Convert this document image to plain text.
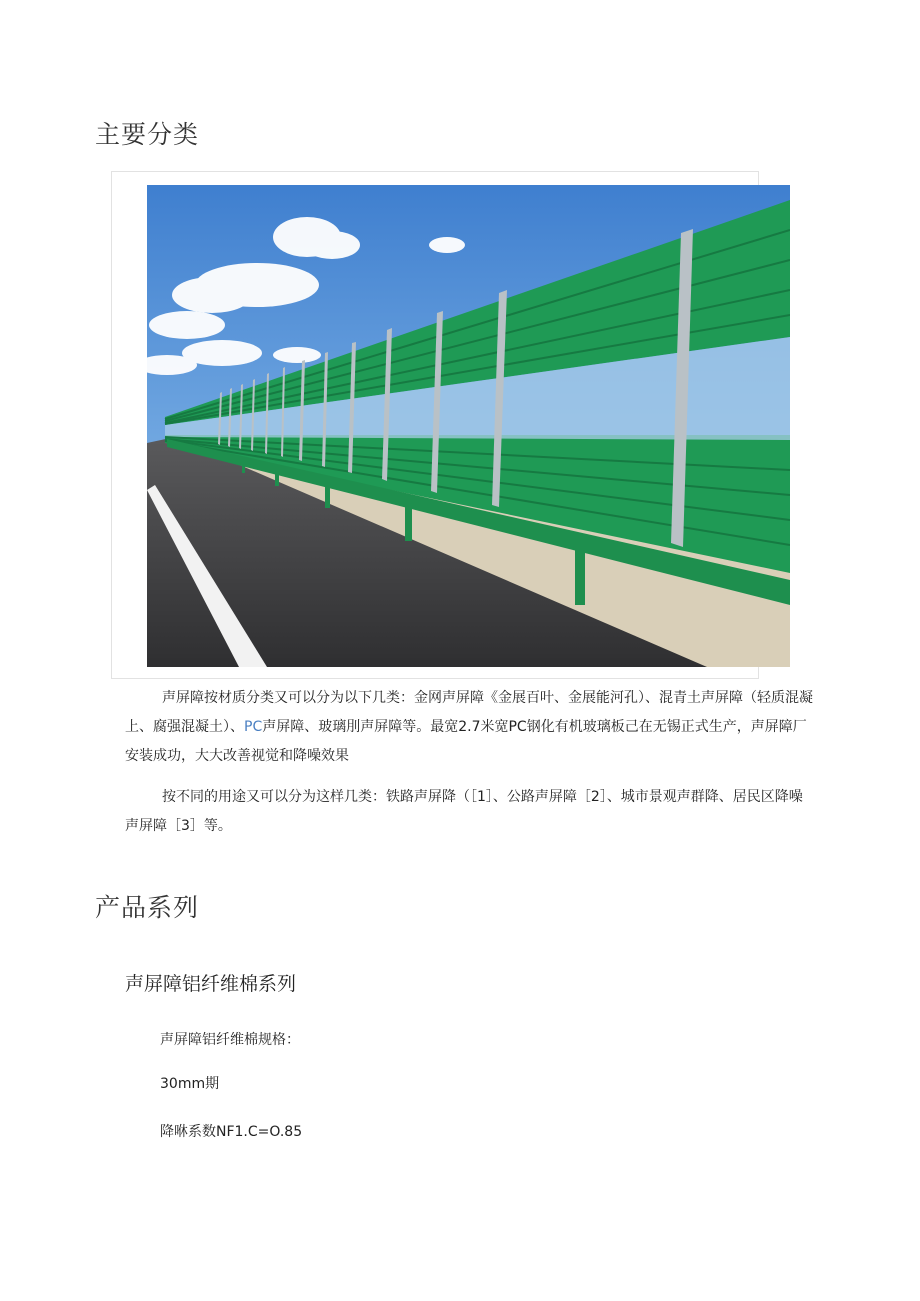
主要分类

声屏障按材质分类又可以分为以下几类：金网声屏障《金展百叶、金展能河孔）、混青土声屏障（轻质混凝上、腐强混凝土）、PC声屏障、玻璃刖声屏障等。最宽2.7米宽PC钢化有机玻璃板己在无锡正式生产，声屏障厂安装成功，大大改善视觉和降噪效果

按不同的用途又可以分为这样几类：铁路声屏降（［1］、公路声屏障［2］、城市景观声群降、居民区降噪声屏障［3］等。

产品系列
声屏障铝纤维棉系列

声屏障铝纤维棉规格：

30mm期

降咻系数NF1.C=O.85
